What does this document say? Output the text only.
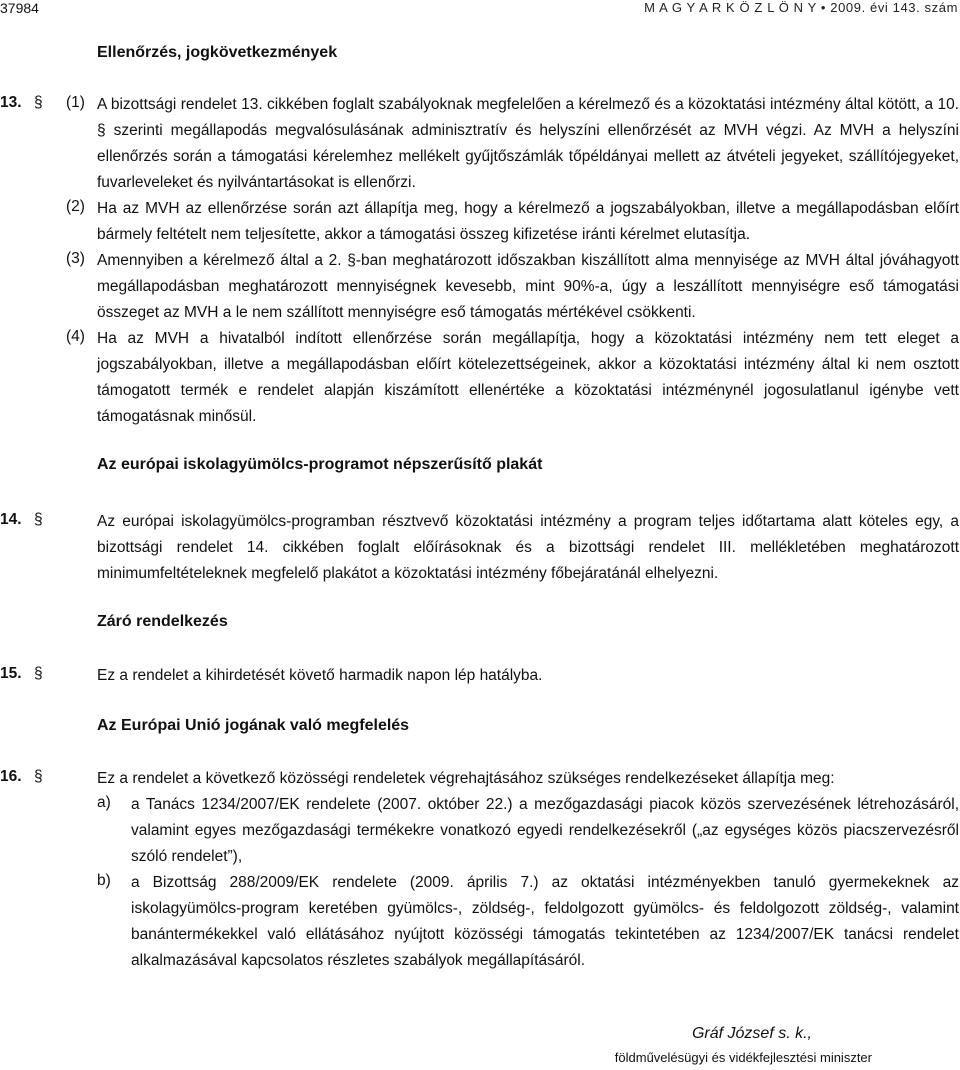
37984	M A G Y A R K Ö Z L Ö N Y • 2009. évi 143. szám
Ellenőrzés, jogkövetkezmények
13. § (1) A bizottsági rendelet 13. cikkében foglalt szabályoknak megfelelően a kérelmező és a közoktatási intézmény által kötött, a 10. § szerinti megállapodás megvalósulásának adminisztratív és helyszíni ellenőrzését az MVH végzi. Az MVH a helyszíni ellenőrzés során a támogatási kérelemhez mellékelt gyűjtőszámlák tőpéldányai mellett az átvételi jegyeket, szállítójegyeket, fuvarleveleket és nyilvántartásokat is ellenőrzi.

(2) Ha az MVH az ellenőrzése során azt állapítja meg, hogy a kérelmező a jogszabályokban, illetve a megállapodásban előírt bármely feltételt nem teljesítette, akkor a támogatási összeg kifizetése iránti kérelmet elutasítja.

(3) Amennyiben a kérelmező által a 2. §-ban meghatározott időszakban kiszállított alma mennyisége az MVH által jóváhagyott megállapodásban meghatározott mennyiségnek kevesebb, mint 90%-a, úgy a leszállított mennyiségre eső támogatási összeget az MVH a le nem szállított mennyiségre eső támogatás mértékével csökkenti.

(4) Ha az MVH a hivatalból indított ellenőrzése során megállapítja, hogy a közoktatási intézmény nem tett eleget a jogszabályokban, illetve a megállapodásban előírt kötelezettségeinek, akkor a közoktatási intézmény által ki nem osztott támogatott termék e rendelet alapján kiszámított ellenértéke a közoktatási intézménynél jogosulatlanul igénybe vett támogatásnak minősül.

Az európai iskolagyümölcs-programot népszerűsítő plakát
14. §	Az európai iskolagyümölcs-programban résztvevő közoktatási intézmény a program teljes időtartama alatt köteles egy, a bizottsági rendelet 14. cikkében foglalt előírásoknak és a bizottsági rendelet III. mellékletében meghatározott minimumfeltételeknek megfelelő plakátot a közoktatási intézmény főbejáratánál elhelyezni.

Záró rendelkezés
15. §	Ez a rendelet a kihirdetését követő harmadik napon lép hatályba.

Az Európai Unió jogának való megfelelés
16. §	Ez a rendelet a következő közösségi rendeletek végrehajtásához szükséges rendelkezéseket állapítja meg:

a) a Tanács 1234/2007/EK rendelete (2007. október 22.) a mezőgazdasági piacok közös szervezésének létrehozásáról, valamint egyes mezőgazdasági termékekre vonatkozó egyedi rendelkezésekről („az egységes közös piacszervezésről szóló rendelet”),

b) a Bizottság 288/2009/EK rendelete (2009. április 7.) az oktatási intézményekben tanuló gyermekeknek az iskolagyümölcs-program keretében gyümölcs-, zöldség-, feldolgozott gyümölcs- és feldolgozott zöldség-, valamint banántermékekkel való ellátásához nyújtott közösségi támogatás tekintetében az 1234/2007/EK tanácsi rendelet alkalmazásával kapcsolatos részletes szabályok megállapításáról.

Gráf József s. k.,
földművelésügyi és vidékfejlesztési miniszter
